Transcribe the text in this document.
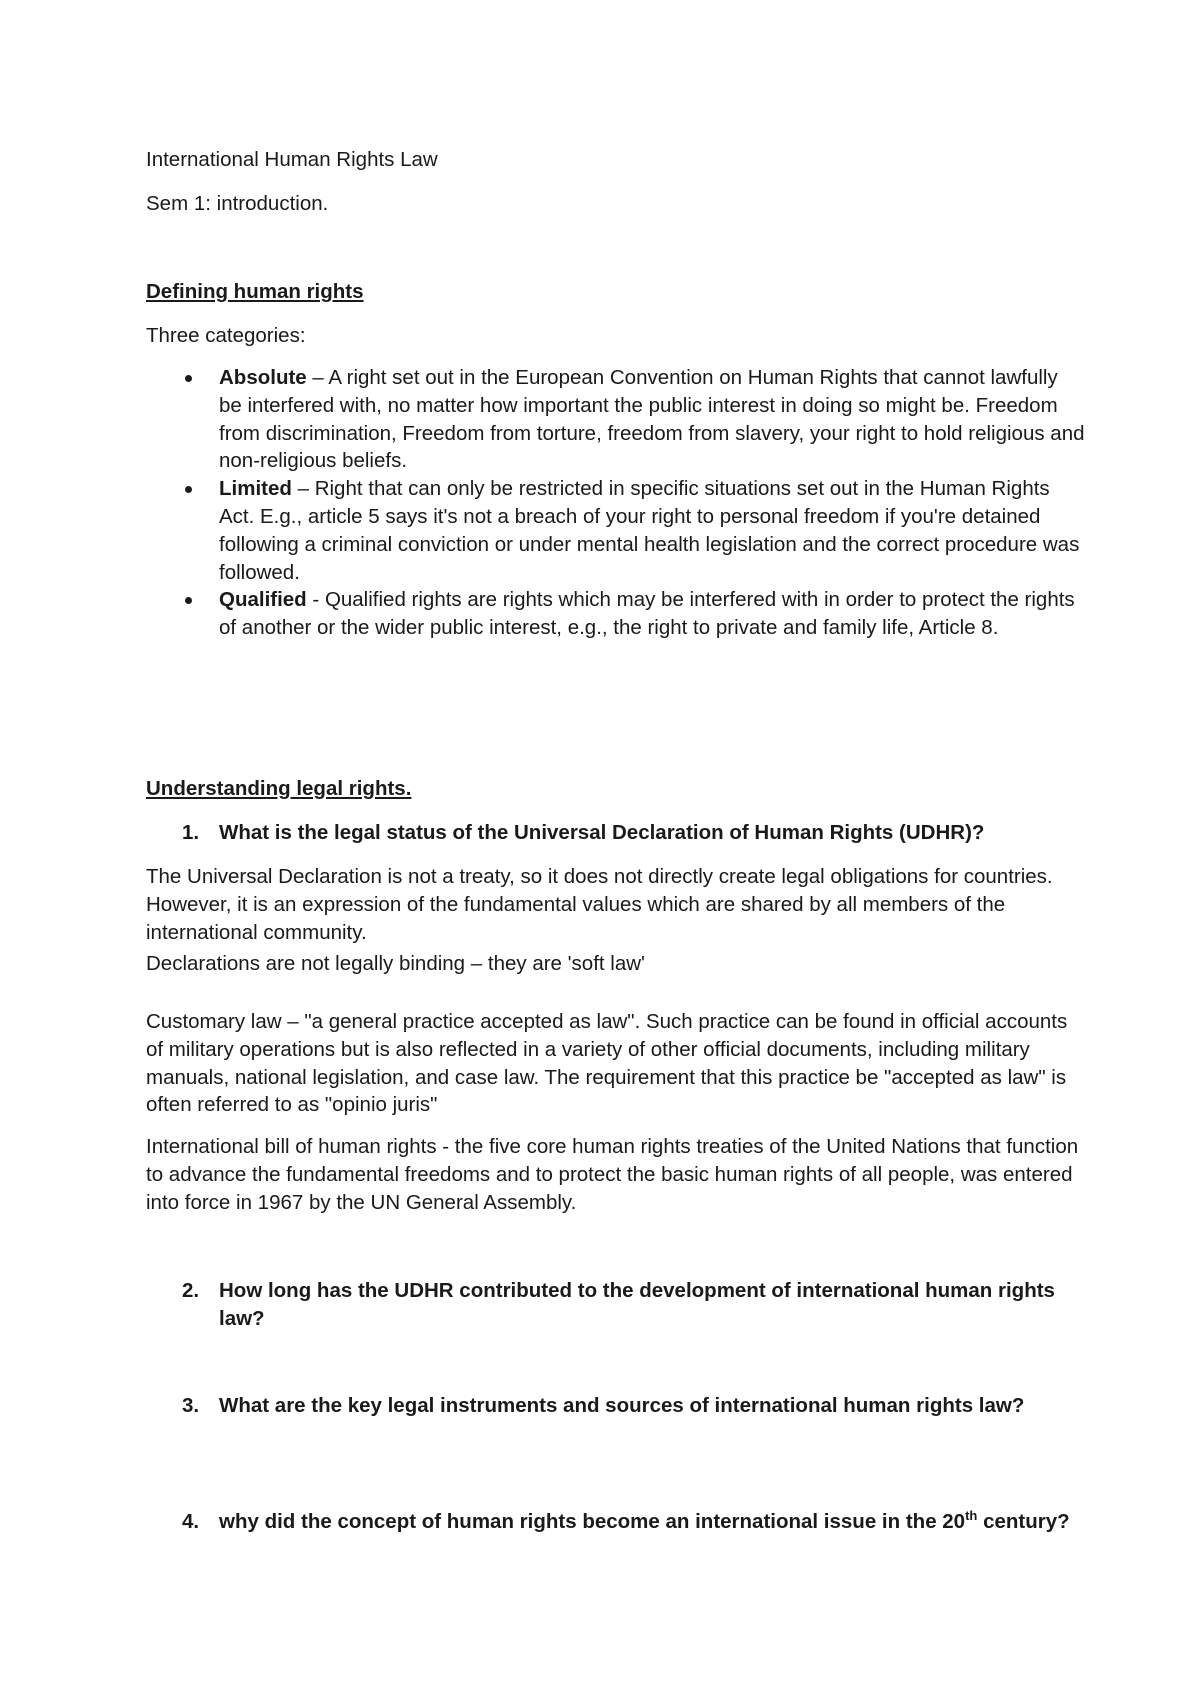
International Human Rights Law
Sem 1: introduction.
Defining human rights
Three categories:
Absolute – A right set out in the European Convention on Human Rights that cannot lawfully be interfered with, no matter how important the public interest in doing so might be. Freedom from discrimination, Freedom from torture, freedom from slavery, your right to hold religious and non-religious beliefs.
Limited – Right that can only be restricted in specific situations set out in the Human Rights Act. E.g., article 5 says it's not a breach of your right to personal freedom if you're detained following a criminal conviction or under mental health legislation and the correct procedure was followed.
Qualified - Qualified rights are rights which may be interfered with in order to protect the rights of another or the wider public interest, e.g., the right to private and family life, Article 8.
Understanding legal rights.
1. What is the legal status of the Universal Declaration of Human Rights (UDHR)?
The Universal Declaration is not a treaty, so it does not directly create legal obligations for countries. However, it is an expression of the fundamental values which are shared by all members of the international community.
Declarations are not legally binding – they are 'soft law'
Customary law – "a general practice accepted as law". Such practice can be found in official accounts of military operations but is also reflected in a variety of other official documents, including military manuals, national legislation, and case law. The requirement that this practice be "accepted as law" is often referred to as "opinio juris"
International bill of human rights - the five core human rights treaties of the United Nations that function to advance the fundamental freedoms and to protect the basic human rights of all people, was entered into force in 1967 by the UN General Assembly.
2. How long has the UDHR contributed to the development of international human rights law?
3. What are the key legal instruments and sources of international human rights law?
4. why did the concept of human rights become an international issue in the 20th century?
